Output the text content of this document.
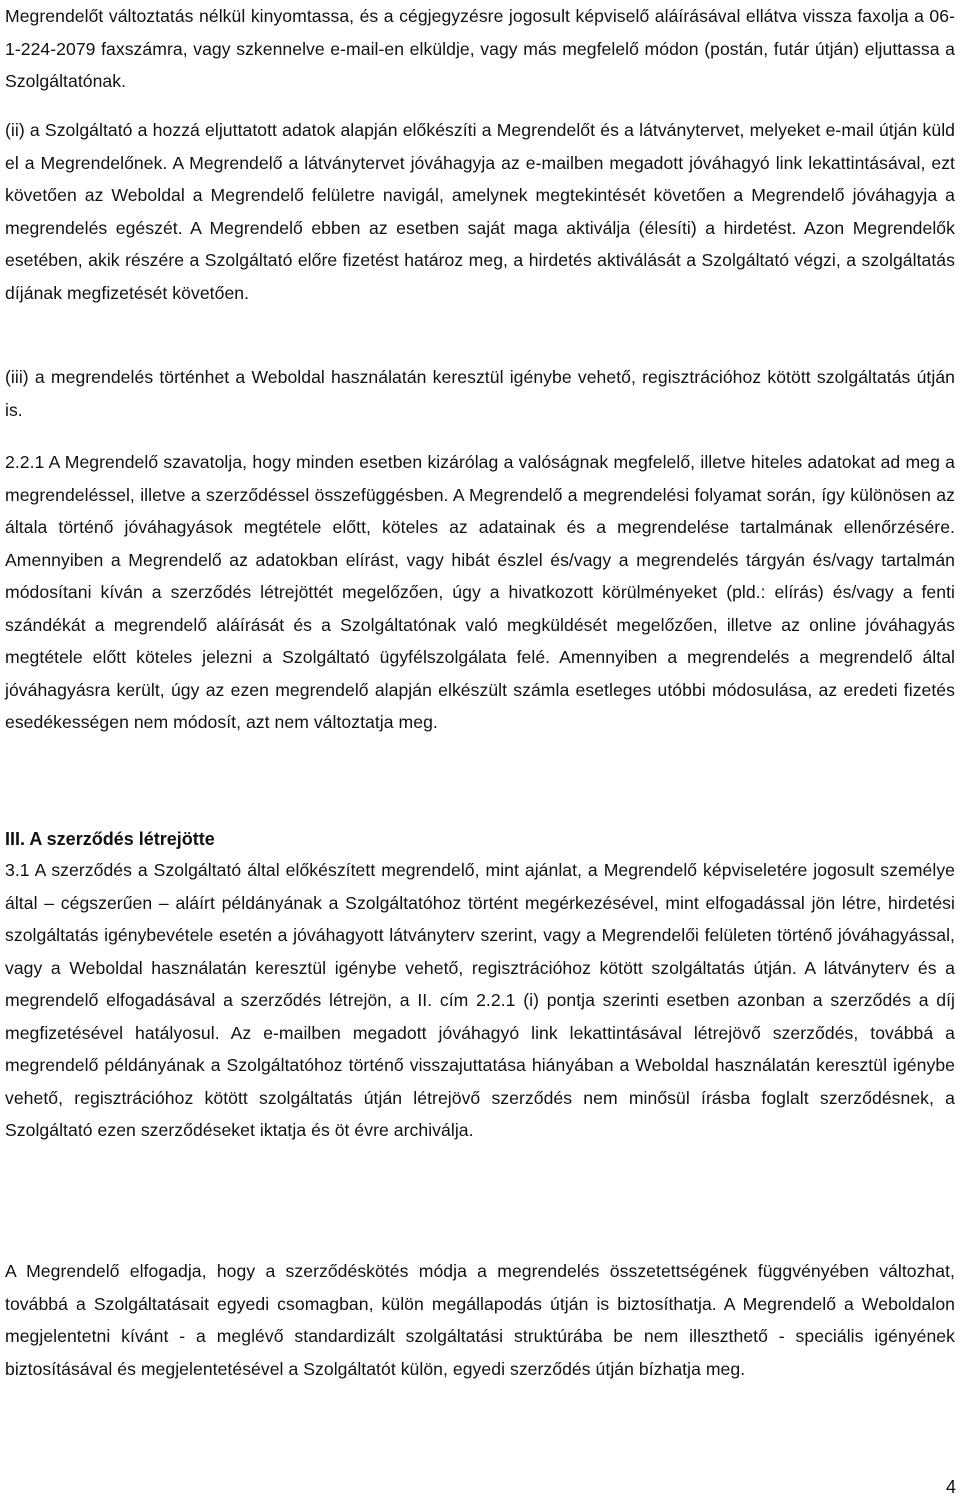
Megrendelőt változtatás nélkül kinyomtassa, és a cégjegyzésre jogosult képviselő aláírásával ellátva vissza faxolja a 06-1-224-2079 faxszámra, vagy szkennelve e-mail-en elküldje, vagy más megfelelő módon (postán, futár útján) eljuttassa a Szolgáltatónak.

(ii) a Szolgáltató a hozzá eljuttatott adatok alapján előkészíti a Megrendelőt és a látványtervet, melyeket e-mail útján küld el a Megrendelőnek. A Megrendelő a látványtervet jóváhagyja az e-mailben megadott jóváhagyó link lekattintásával, ezt követően az Weboldal a Megrendelő felületre navigál, amelynek megtekintését követően a Megrendelő jóváhagyja a megrendelés egészét. A Megrendelő ebben az esetben saját maga aktiválja (élesíti) a hirdetést. Azon Megrendelők esetében, akik részére a Szolgáltató előre fizetést határoz meg, a hirdetés aktiválását a Szolgáltató végzi, a szolgáltatás díjának megfizetését követően.

(iii) a megrendelés történhet a Weboldal használatán keresztül igénybe vehető, regisztrációhoz kötött szolgáltatás útján is.

2.2.1 A Megrendelő szavatolja, hogy minden esetben kizárólag a valóságnak megfelelő, illetve hiteles adatokat ad meg a megrendeléssel, illetve a szerződéssel összefüggésben. A Megrendelő a megrendelési folyamat során, így különösen az általa történő jóváhagyások megtétele előtt, köteles az adatainak és a megrendelése tartalmának ellenőrzésére. Amennyiben a Megrendelő az adatokban elírást, vagy hibát észlel és/vagy a megrendelés tárgyán és/vagy tartalmán módosítani kíván a szerződés létrejöttét megelőzően, úgy a hivatkozott körülményeket (pld.: elírás) és/vagy a fenti szándékát a megrendelő aláírását és a Szolgáltatónak való megküldését megelőzően, illetve az online jóváhagyás megtétele előtt köteles jelezni a Szolgáltató ügyfélszolgálata felé. Amennyiben a megrendelés a megrendelő által jóváhagyásra került, úgy az ezen megrendelő alapján elkészült számla esetleges utóbbi módosulása, az eredeti fizetés esedékességen nem módosít, azt nem változtatja meg.

III. A szerződés létrejötte

3.1 A szerződés a Szolgáltató által előkészített megrendelő, mint ajánlat, a Megrendelő képviseletére jogosult személye által – cégszerűen – aláírt példányának a Szolgáltatóhoz történt megérkezésével, mint elfogadással jön létre, hirdetési szolgáltatás igénybevétele esetén a jóváhagyott látványterv szerint, vagy a Megrendelői felületen történő jóváhagyással, vagy a Weboldal használatán keresztül igénybe vehető, regisztrációhoz kötött szolgáltatás útján. A látványterv és a megrendelő elfogadásával a szerződés létrejön, a II. cím 2.2.1 (i) pontja szerinti esetben azonban a szerződés a díj megfizetésével hatályosul. Az e-mailben megadott jóváhagyó link lekattintásával létrejövő szerződés, továbbá a megrendelő példányának a Szolgáltatóhoz történő visszajuttatása hiányában a Weboldal használatán keresztül igénybe vehető, regisztrációhoz kötött szolgáltatás útján létrejövő szerződés nem minősül írásba foglalt szerződésnek, a Szolgáltató ezen szerződéseket iktatja és öt évre archiválja.

A Megrendelő elfogadja, hogy a szerződéskötés módja a megrendelés összetettségének függvényében változhat, továbbá a Szolgáltatásait egyedi csomagban, külön megállapodás útján is biztosíthatja. A Megrendelő a Weboldalon megjelentetni kívánt - a meglévő standardizált szolgáltatási struktúrába be nem illeszthető - speciális igényének biztosításával és megjelentetésével a Szolgáltatót külön, egyedi szerződés útján bízhatja meg.

4
